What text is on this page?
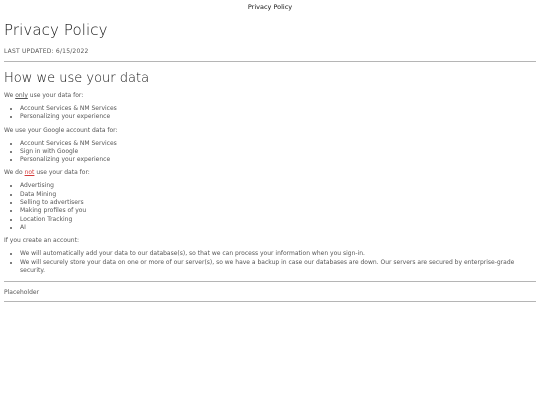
Privacy Policy
Privacy Policy
LAST UPDATED: 6/15/2022
How we use your data

We only use your data for:

• Account Services & NM Services
• Personalizing your experience

We use your Google account data for:

• Account Services & NM Services
• Sign in with Google
• Personalizing your experience

We do not use your data for:

• Advertising
• Data Mining
• Selling to advertisers
• Making profiles of you
• Location Tracking
• AI

If you create an account:

• We will automatically add your data to our database(s), so that we can process your information when you sign-in.
• We will securely store your data on one or more of our server(s), so we have a backup in case our databases are down. Our servers are secured by enterprise-grade security.
Placeholder
